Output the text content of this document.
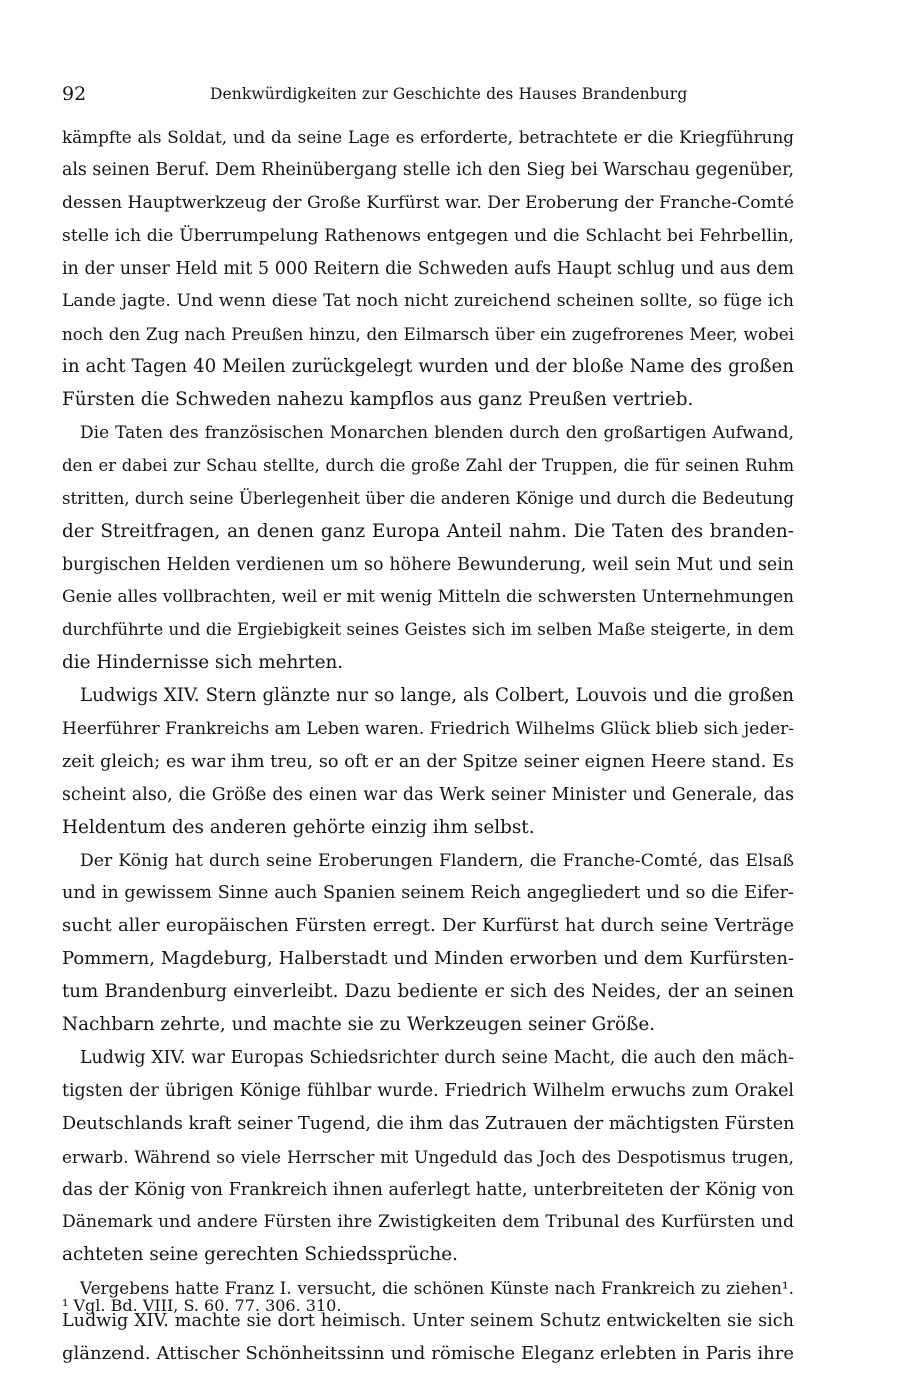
92	Denkwürdigkeiten zur Geschichte des Hauses Brandenburg
kämpfte als Soldat, und da seine Lage es erforderte, betrachtete er die Kriegführung
als seinen Beruf. Dem Rheinübergang stelle ich den Sieg bei Warschau gegenüber,
dessen Hauptwerkzeug der Große Kurfürst war. Der Eroberung der Franche-Comté
stelle ich die Überrumpelung Rathenows entgegen und die Schlacht bei Fehrbellin,
in der unser Held mit 5 000 Reitern die Schweden aufs Haupt schlug und aus dem
Lande jagte. Und wenn diese Tat noch nicht zureichend scheinen sollte, so füge ich
noch den Zug nach Preußen hinzu, den Eilmarsch über ein zugefrorenes Meer, wobei
in acht Tagen 40 Meilen zurückgelegt wurden und der bloße Name des großen
Fürsten die Schweden nahezu kampflos aus ganz Preußen vertrieb.
Die Taten des französischen Monarchen blenden durch den großartigen Aufwand,
den er dabei zur Schau stellte, durch die große Zahl der Truppen, die für seinen Ruhm
stritten, durch seine Überlegenheit über die anderen Könige und durch die Bedeutung
der Streitfragen, an denen ganz Europa Anteil nahm. Die Taten des branden-
burgischen Helden verdienen um so höhere Bewunderung, weil sein Mut und sein
Genie alles vollbrachten, weil er mit wenig Mitteln die schwersten Unternehmungen
durchführte und die Ergiebigkeit seines Geistes sich im selben Maße steigerte, in dem
die Hindernisse sich mehrten.
Ludwigs XIV. Stern glänzte nur so lange, als Colbert, Louvois und die großen
Heerführer Frankreichs am Leben waren. Friedrich Wilhelms Glück blieb sich jeder-
zeit gleich; es war ihm treu, so oft er an der Spitze seiner eignen Heere stand. Es
scheint also, die Größe des einen war das Werk seiner Minister und Generale, das
Heldentum des anderen gehörte einzig ihm selbst.
Der König hat durch seine Eroberungen Flandern, die Franche-Comté, das Elsaß
und in gewissem Sinne auch Spanien seinem Reich angegliedert und so die Eifer-
sucht aller europäischen Fürsten erregt. Der Kurfürst hat durch seine Verträge
Pommern, Magdeburg, Halberstadt und Minden erworben und dem Kurfürsten-
tum Brandenburg einverleibt. Dazu bediente er sich des Neides, der an seinen
Nachbarn zehrte, und machte sie zu Werkzeugen seiner Größe.
Ludwig XIV. war Europas Schiedsrichter durch seine Macht, die auch den mäch-
tigsten der übrigen Könige fühlbar wurde. Friedrich Wilhelm erwuchs zum Orakel
Deutschlands kraft seiner Tugend, die ihm das Zutrauen der mächtigsten Fürsten
erwarb. Während so viele Herrscher mit Ungeduld das Joch des Despotismus trugen,
das der König von Frankreich ihnen auferlegt hatte, unterbreiteten der König von
Dänemark und andere Fürsten ihre Zwistigkeiten dem Tribunal des Kurfürsten und
achteten seine gerechten Schiedssprüche.
Vergebens hatte Franz I. versucht, die schönen Künste nach Frankreich zu ziehen¹.
Ludwig XIV. machte sie dort heimisch. Unter seinem Schutz entwickelten sie sich
glänzend. Attischer Schönheitssinn und römische Eleganz erlebten in Paris ihre
¹ Vgl. Bd. VIII, S. 60. 77. 306. 310.
